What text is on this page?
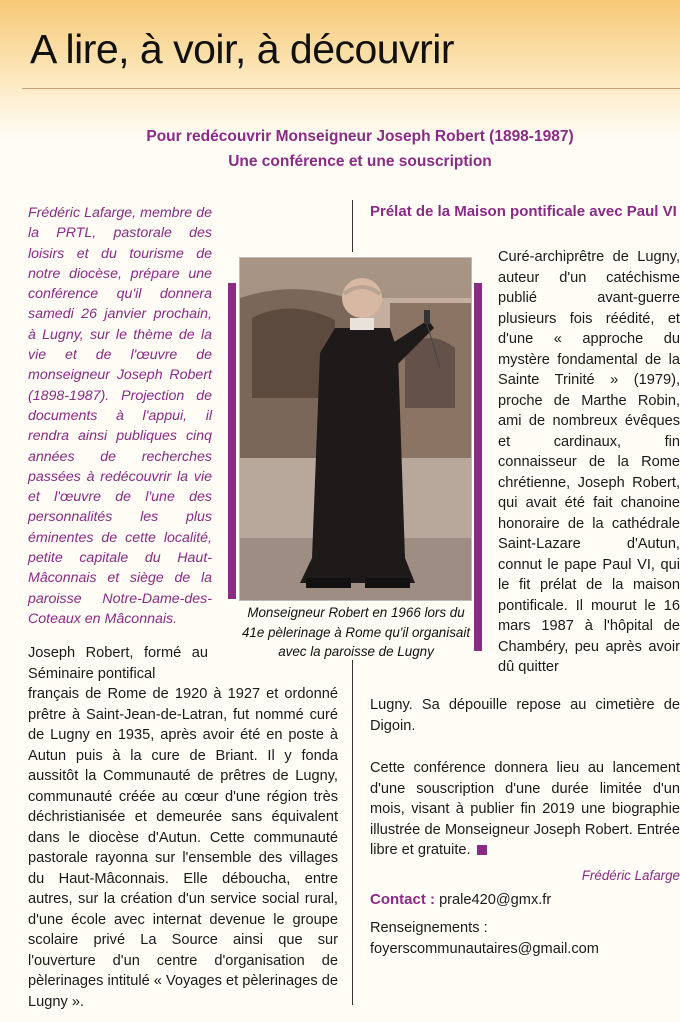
A lire, à voir, à découvrir
Pour redécouvrir Monseigneur Joseph Robert (1898-1987)
Une conférence et une souscription

Frédéric Lafarge, membre de la PRTL, pastorale des loisirs et du tourisme de notre diocèse, prépare une conférence qu'il donnera samedi 26 janvier prochain, à Lugny, sur le thème de la vie et de l'œuvre de monseigneur Joseph Robert (1898-1987). Projection de documents à l'appui, il rendra ainsi publiques cinq années de recherches passées à redécouvrir la vie et l'œuvre de l'une des personnalités les plus éminentes de cette localité, petite capitale du Haut-Mâconnais et siège de la paroisse Notre-Dame-des-Coteaux en Mâconnais.

Prélat de la Maison pontificale avec Paul VI

Monseigneur Robert en 1966 lors du 41e pèlerinage à Rome qu'il organisait avec la paroisse de Lugny

Curé-archiprêtre de Lugny, auteur d'un catéchisme publié avant-guerre plusieurs fois réédité, et d'une « approche du mystère fondamental de la Sainte Trinité » (1979), proche de Marthe Robin, ami de nombreux évêques et cardinaux, fin connaisseur de la Rome chrétienne, Joseph Robert, qui avait été fait chanoine honoraire de la cathédrale Saint-Lazare d'Autun, connut le pape Paul VI, qui le fit prélat de la maison pontificale. Il mourut le 16 mars 1987 à l'hôpital de Chambéry, peu après avoir dû quitter

Joseph Robert, formé au Séminaire pontifical
français de Rome de 1920 à 1927 et ordonné prêtre à Saint-Jean-de-Latran, fut nommé curé de Lugny en 1935, après avoir été en poste à Autun puis à la cure de Briant. Il y fonda aussitôt la Communauté de prêtres de Lugny, communauté créée au cœur d'une région très déchristianisée et demeurée sans équivalent dans le diocèse d'Autun. Cette communauté pastorale rayonna sur l'ensemble des villages du Haut-Mâconnais. Elle déboucha, entre autres, sur la création d'un service social rural, d'une école avec internat devenue le groupe scolaire privé La Source ainsi que sur l'ouverture d'un centre d'organisation de pèlerinages intitulé « Voyages et pèlerinages de Lugny ».

Lugny. Sa dépouille repose au cimetière de Digoin.

Cette conférence donnera lieu au lancement d'une souscription d'une durée limitée d'un mois, visant à publier fin 2019 une biographie illustrée de Monseigneur Joseph Robert. Entrée libre et gratuite.

Frédéric Lafarge

Contact : prale420@gmx.fr

Renseignements :
foyerscommunautaires@gmail.com
